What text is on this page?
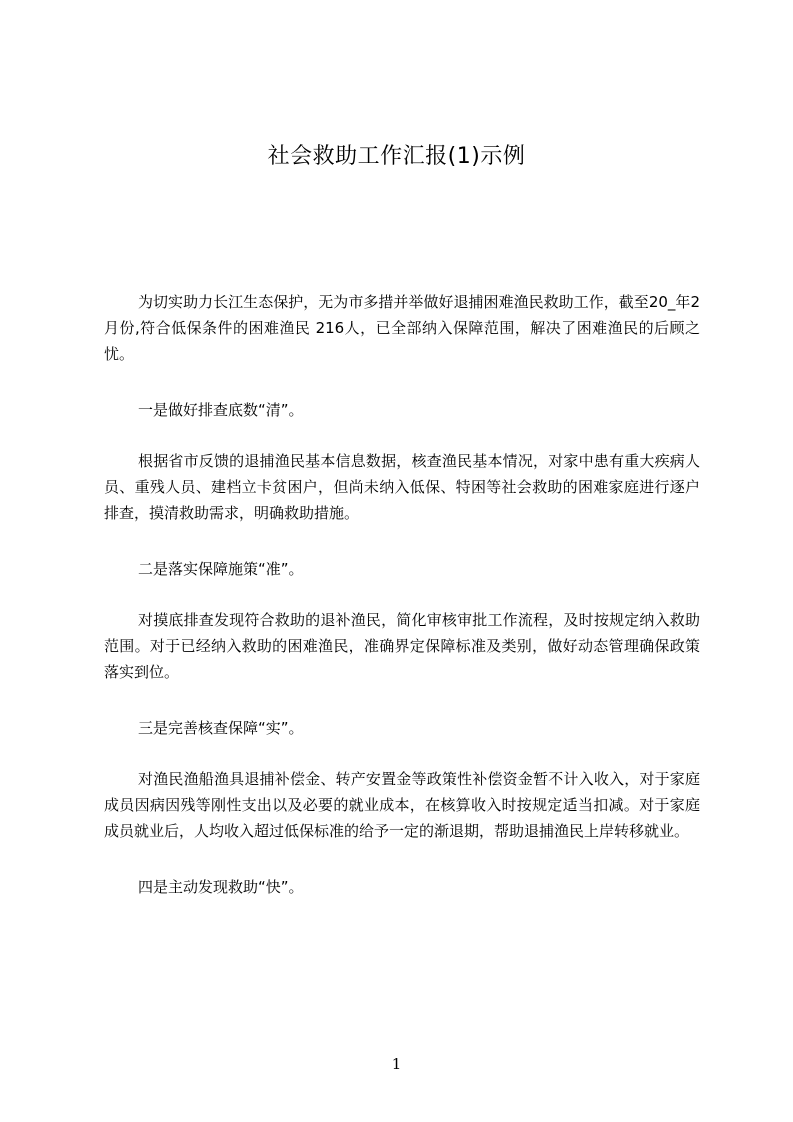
社会救助工作汇报(1)示例

为切实助力长江生态保护，无为市多措并举做好退捕困难渔民救助工作，截至20_年2月份,符合低保条件的困难渔民 216人，已全部纳入保障范围，解决了困难渔民的后顾之忧。

一是做好排查底数“清”。

根据省市反馈的退捕渔民基本信息数据，核查渔民基本情况，对家中患有重大疾病人员、重残人员、建档立卡贫困户，但尚未纳入低保、特困等社会救助的困难家庭进行逐户排查，摸清救助需求，明确救助措施。

二是落实保障施策“准”。

对摸底排查发现符合救助的退补渔民，简化审核审批工作流程，及时按规定纳入救助范围。对于已经纳入救助的困难渔民，准确界定保障标准及类别，做好动态管理确保政策落实到位。

三是完善核查保障“实”。

对渔民渔船渔具退捕补偿金、转产安置金等政策性补偿资金暂不计入收入，对于家庭成员因病因残等刚性支出以及必要的就业成本，在核算收入时按规定适当扣减。对于家庭成员就业后，人均收入超过低保标准的给予一定的渐退期，帮助退捕渔民上岸转移就业。

四是主动发现救助“快”。

1
